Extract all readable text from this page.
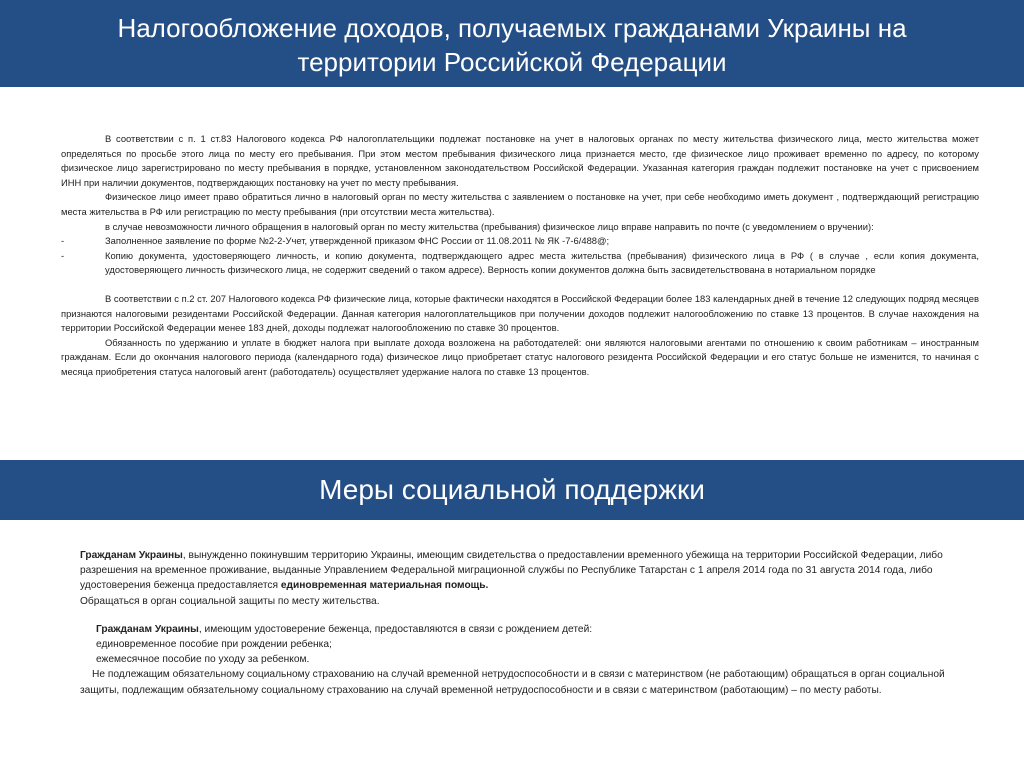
Налогообложение доходов, получаемых гражданами Украины на
территории Российской Федерации

В соответствии с п. 1 ст.83 Налогового кодекса РФ налогоплательщики подлежат постановке на учет в налоговых органах по месту жительства физического лица, место жительства может определяться по просьбе этого лица по месту его пребывания. При этом местом пребывания физического лица признается место, где физическое лицо проживает временно по адресу, по которому физическое лицо зарегистрировано по месту пребывания в порядке, установленном законодательством Российской Федерации. Указанная категория граждан подлежит постановке на учет с присвоением ИНН при наличии документов, подтверждающих постановку на учет по месту пребывания.

Физическое лицо имеет право обратиться лично в налоговый орган по месту жительства с заявлением о постановке на учет, при себе необходимо иметь документ , подтверждающий регистрацию места жительства в РФ или регистрацию по месту пребывания (при отсутствии места жительства).

в случае невозможности личного обращения в налоговый орган по месту жительства (пребывания) физическое лицо вправе направить по почте (с уведомлением о вручении):

-	Заполненное заявление по форме №2-2-Учет, утвержденной приказом ФНС России от 11.08.2011 № ЯК -7-6/488@;
-	Копию документа, удостоверяющего личность, и копию документа, подтверждающего адрес места жительства (пребывания) физического лица в РФ ( в случае , если копия документа, удостоверяющего личность физического лица, не содержит сведений о таком адресе). Верность копии документов должна быть засвидетельствована в нотариальном порядке

В соответствии с п.2 ст. 207 Налогового кодекса РФ физические лица, которые фактически находятся в Российской Федерации более 183 календарных дней в течение 12 следующих подряд месяцев признаются налоговыми резидентами Российской Федерации. Данная категория налогоплательщиков при получении доходов подлежит налогообложению по ставке 13 процентов. В случае нахождения на территории Российской Федерации менее 183 дней, доходы подлежат налогообложению по ставке 30 процентов.

Обязанность по удержанию и уплате в бюджет налога при выплате дохода возложена на работодателей: они являются налоговыми агентами по отношению к своим работникам – иностранным гражданам. Если до окончания налогового периода (календарного года) физическое лицо приобретает статус налогового резидента Российской Федерации и его статус больше не изменится, то начиная с месяца приобретения статуса налоговый агент (работодатель) осуществляет удержание налога по ставке 13 процентов.

Меры социальной поддержки

Гражданам Украины, вынужденно покинувшим территорию Украины, имеющим свидетельства о предоставлении временного убежища на территории Российской Федерации, либо разрешения на временное проживание, выданные Управлением Федеральной миграционной службы по Республике Татарстан с 1 апреля 2014 года по 31 августа 2014 года, либо удостоверения беженца предоставляется единовременная материальная помощь.

Обращаться в орган социальной защиты по месту жительства.

Гражданам Украины, имеющим удостоверение беженца, предоставляются в связи с рождением детей:

единовременное пособие при рождении ребенка;

ежемесячное пособие по уходу за ребенком.

Не подлежащим обязательному социальному страхованию на случай временной нетрудоспособности и в связи с материнством (не работающим) обращаться в орган социальной защиты, подлежащим обязательному социальному страхованию на случай временной нетрудоспособности и в связи с материнством (работающим) – по месту работы.
